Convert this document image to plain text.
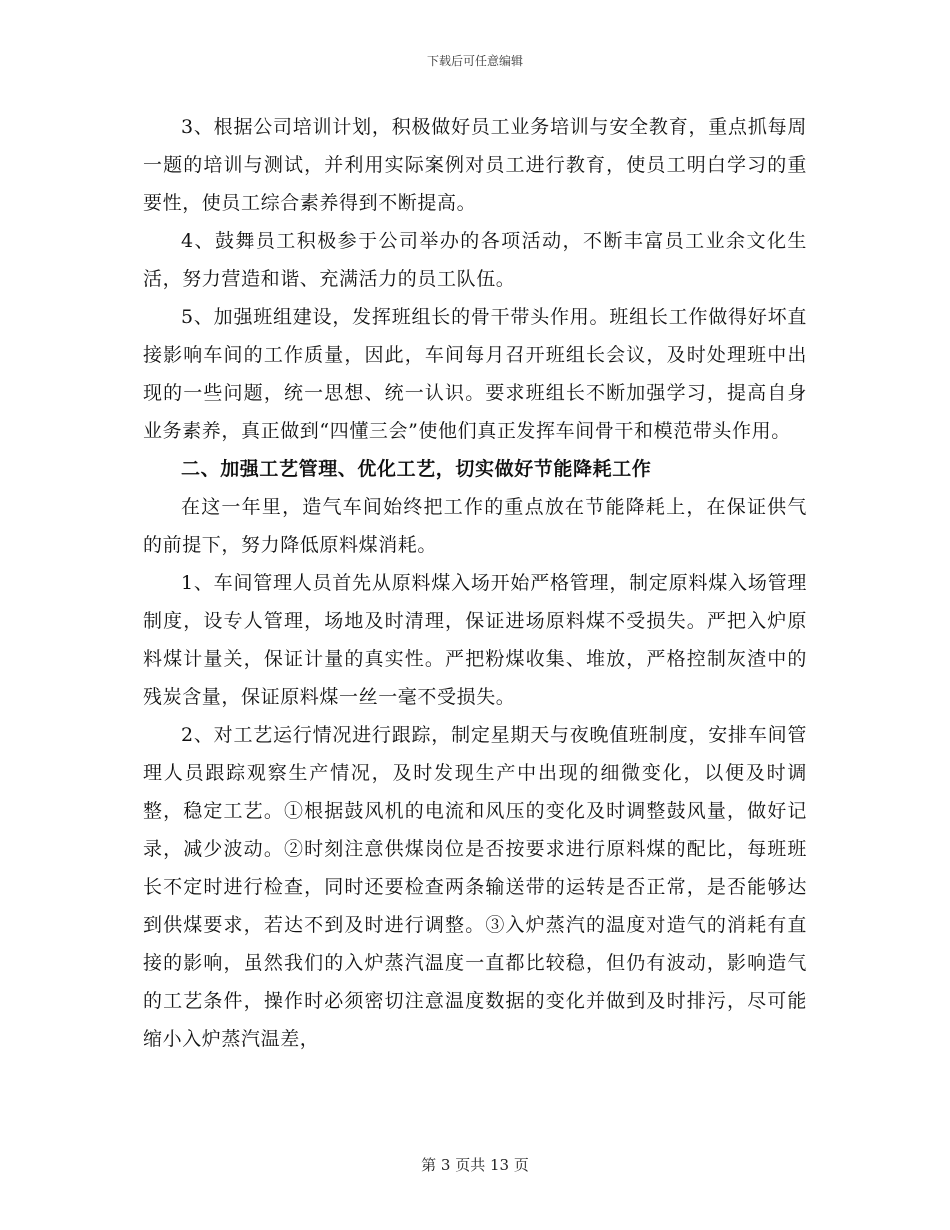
下载后可任意编辑

3、根据公司培训计划，积极做好员工业务培训与安全教育，重点抓每周一题的培训与测试，并利用实际案例对员工进行教育，使员工明白学习的重要性，使员工综合素养得到不断提高。

4、鼓舞员工积极参于公司举办的各项活动，不断丰富员工业余文化生活，努力营造和谐、充满活力的员工队伍。

5、加强班组建设，发挥班组长的骨干带头作用。班组长工作做得好坏直接影响车间的工作质量，因此，车间每月召开班组长会议，及时处理班中出现的一些问题，统一思想、统一认识。要求班组长不断加强学习，提高自身业务素养，真正做到“四懂三会”使他们真正发挥车间骨干和模范带头作用。

二、加强工艺管理、优化工艺，切实做好节能降耗工作

在这一年里，造气车间始终把工作的重点放在节能降耗上，在保证供气的前提下，努力降低原料煤消耗。

1、车间管理人员首先从原料煤入场开始严格管理，制定原料煤入场管理制度，设专人管理，场地及时清理，保证进场原料煤不受损失。严把入炉原料煤计量关，保证计量的真实性。严把粉煤收集、堆放，严格控制灰渣中的残炭含量，保证原料煤一丝一毫不受损失。

2、对工艺运行情况进行跟踪，制定星期天与夜晚值班制度，安排车间管理人员跟踪观察生产情况，及时发现生产中出现的细微变化，以便及时调整，稳定工艺。①根据鼓风机的电流和风压的变化及时调整鼓风量，做好记录，减少波动。②时刻注意供煤岗位是否按要求进行原料煤的配比，每班班长不定时进行检查，同时还要检查两条输送带的运转是否正常，是否能够达到供煤要求，若达不到及时进行调整。③入炉蒸汽的温度对造气的消耗有直接的影响，虽然我们的入炉蒸汽温度一直都比较稳，但仍有波动，影响造气的工艺条件，操作时必须密切注意温度数据的变化并做到及时排污，尽可能缩小入炉蒸汽温差，

第 3 页共 13 页
